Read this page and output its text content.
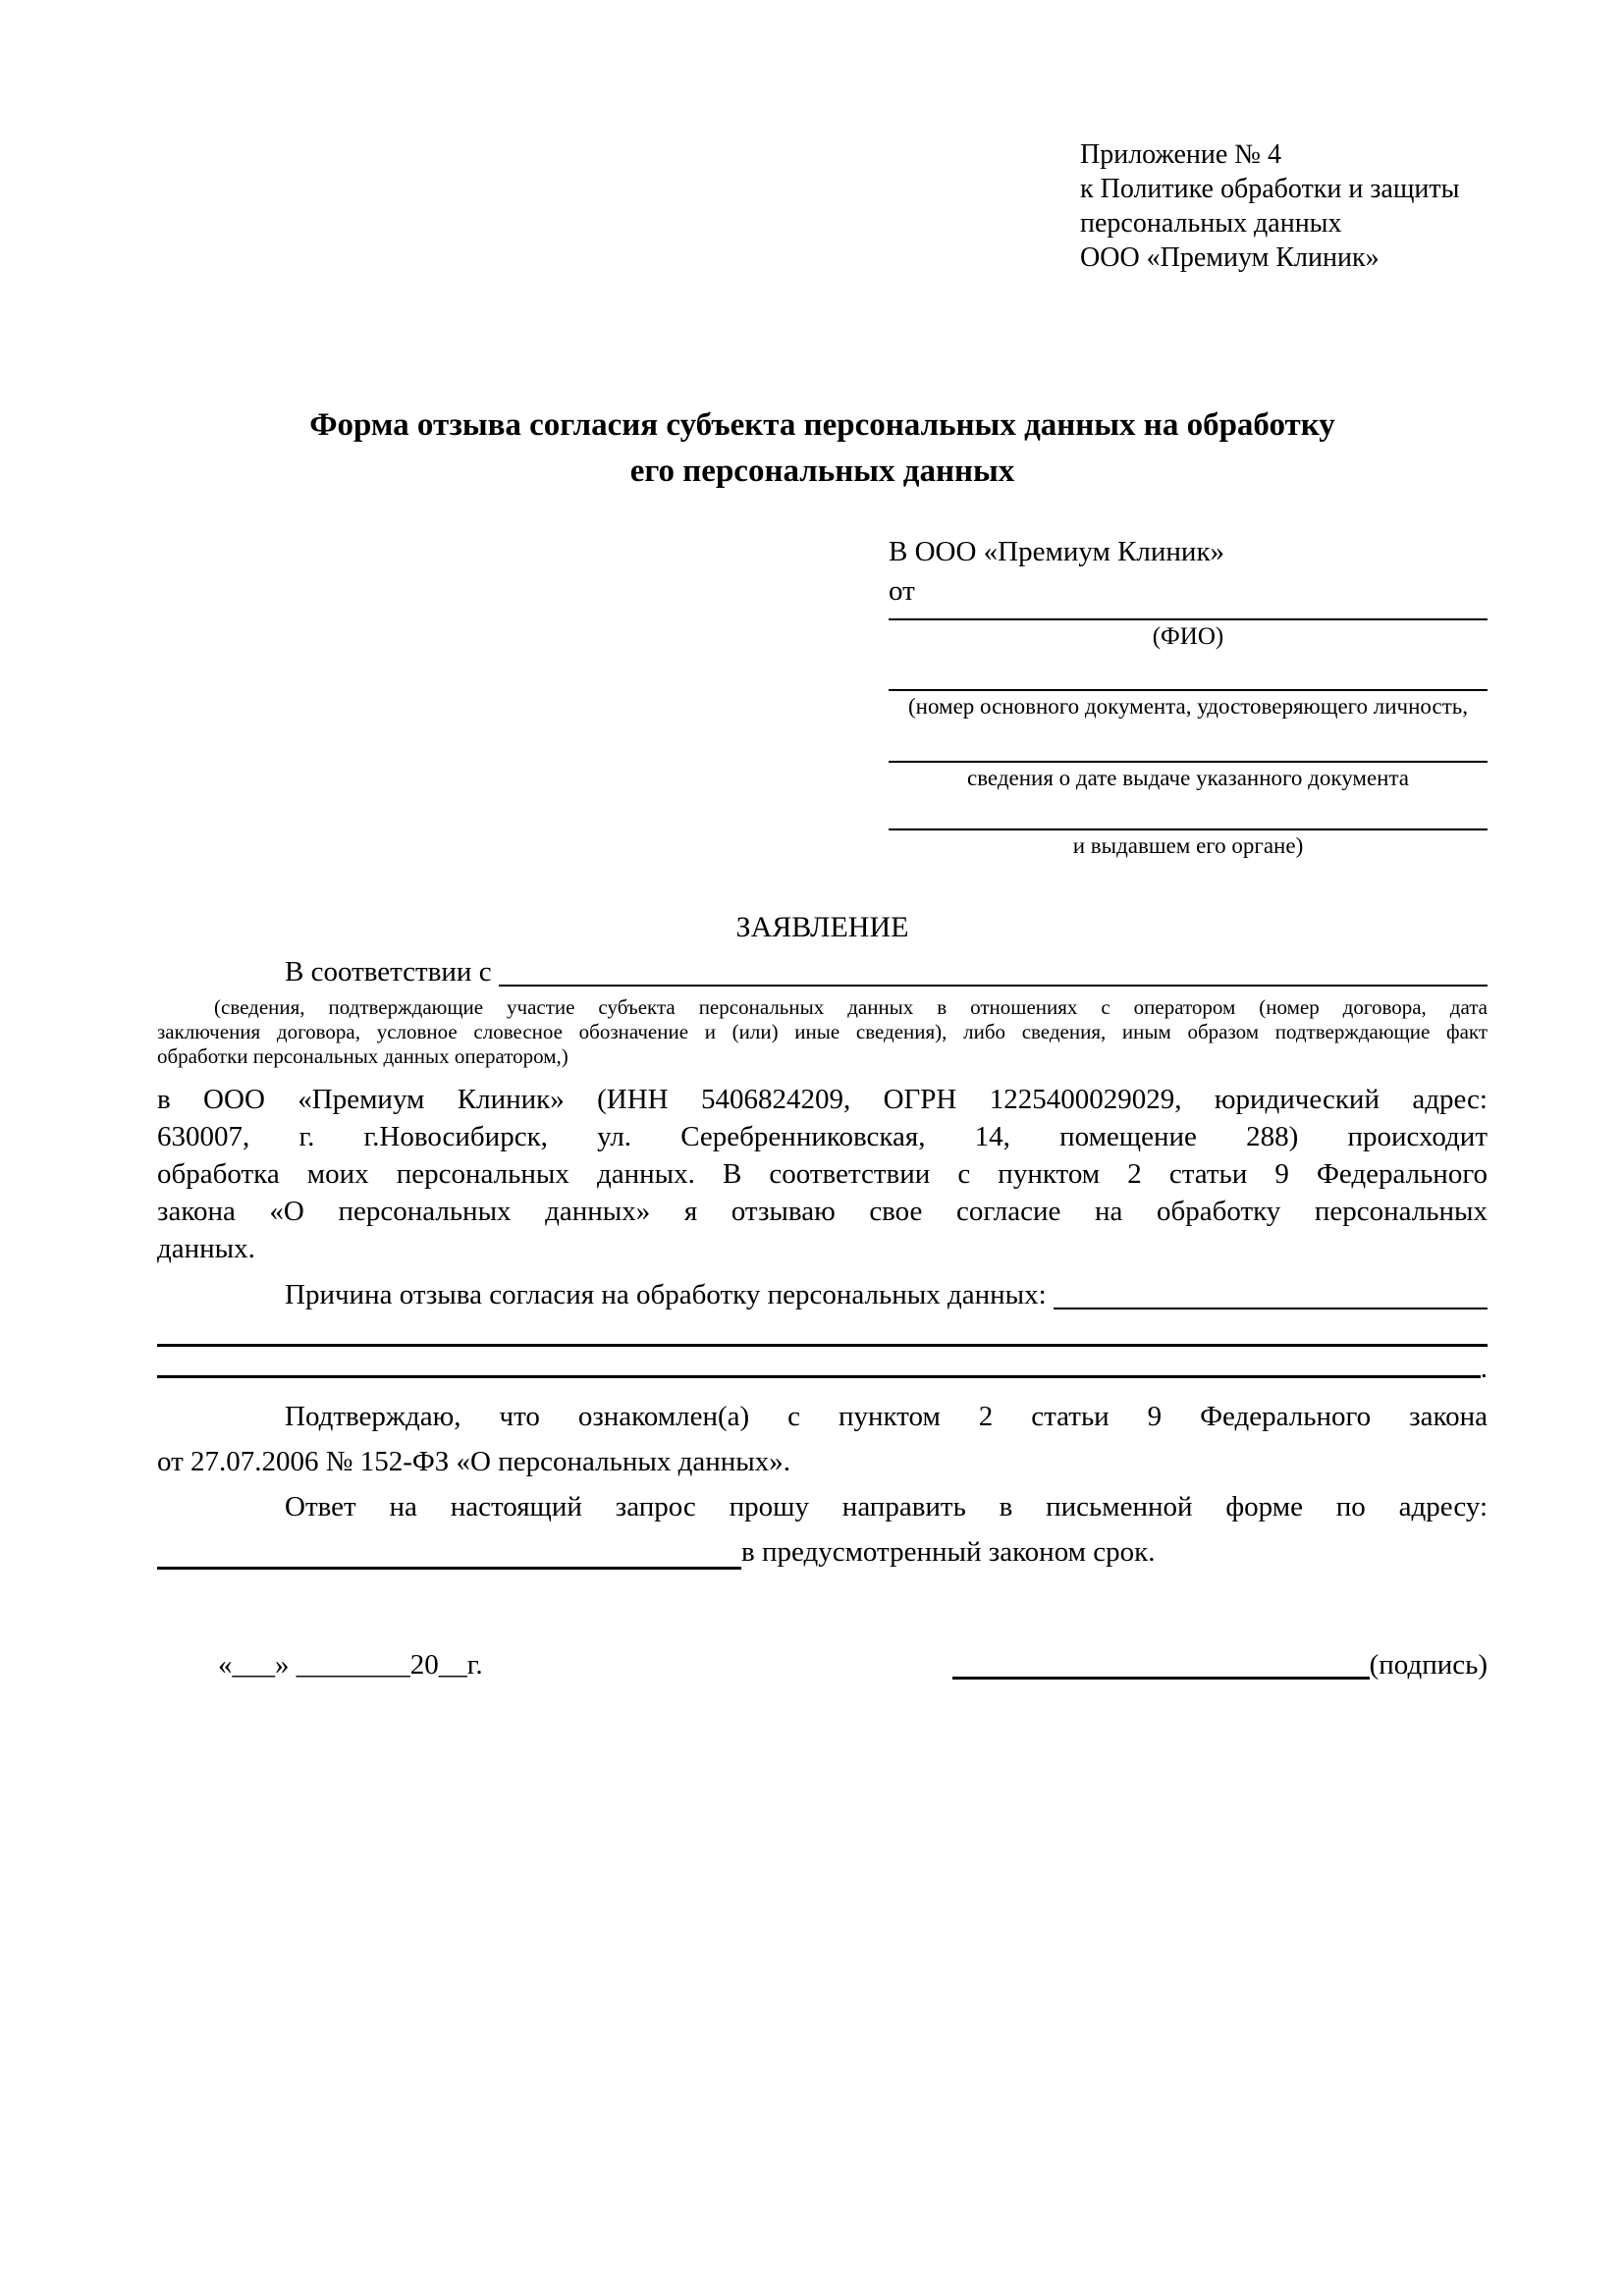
Приложение № 4
к Политике обработки и защиты
персональных данных
ООО «Премиум Клиник»
Форма отзыва согласия субъекта персональных данных на обработку
его персональных данных
В ООО «Премиум Клиник»
от
(ФИО)
(номер основного документа, удостоверяющего личность,
сведения о дате выдаче указанного документа
и выдавшем его органе)
ЗАЯВЛЕНИЕ
В соответствии с

(сведения, подтверждающие участие субъекта персональных данных в отношениях с оператором (номер договора, дата
заключения договора, условное словесное обозначение и (или) иные сведения), либо сведения, иным образом подтверждающие факт
обработки персональных данных оператором,)
в ООО «Премиум Клиник» (ИНН 5406824209, ОГРН 1225400029029, юридический адрес:
630007, г. г.Новосибирск, ул. Серебренниковская, 14, помещение 288) происходит
обработка моих персональных данных. В соответствии с пунктом 2 статьи 9 Федерального
закона «О персональных данных» я отзываю свое согласие на обработку персональных
данных.
Причина отзыва согласия на обработку персональных данных:

.
Подтверждаю, что ознакомлен(а) с пунктом 2 статьи 9 Федерального закона
от 27.07.2006 № 152-ФЗ «О персональных данных».
Ответ на настоящий запрос прошу направить в письменной форме по адресу:
в предусмотренный законом срок.
«___» ________20__г.	(подпись)
